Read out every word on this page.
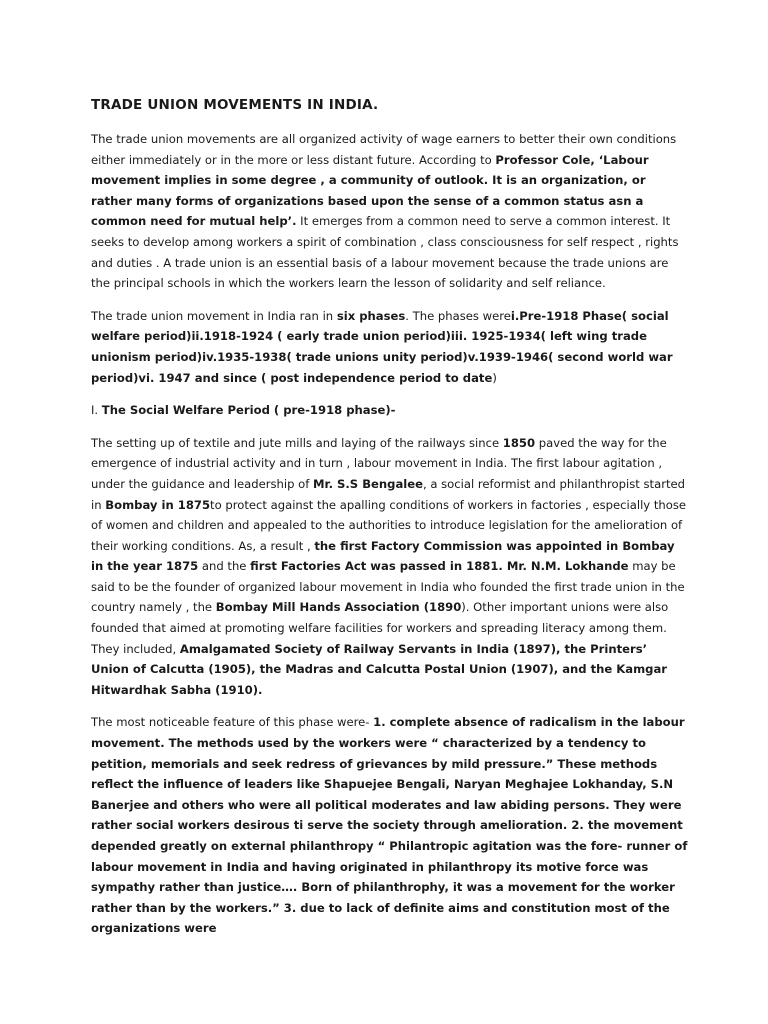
TRADE UNION MOVEMENTS IN INDIA.

The trade union movements are all organized activity of wage earners to better their own conditions either immediately or in the more or less distant future. According to Professor Cole, ‘Labour movement implies in some degree , a community of outlook. It is an organization, or rather many forms of organizations based upon the sense of a common status asn a common need for mutual help’. It emerges from a common need to serve a common interest. It seeks to develop among workers a spirit of combination , class consciousness for self respect , rights and duties . A trade union is an essential basis of a labour movement because the trade unions are the principal schools in which the workers learn the lesson of solidarity and self reliance.

The trade union movement in India ran in six phases. The phases werei.Pre-1918 Phase( social welfare period)ii.1918-1924 ( early trade union period)iii. 1925-1934( left wing trade unionism period)iv.1935-1938( trade unions unity period)v.1939-1946( second world war period)vi. 1947 and since ( post independence period to date)

I. The Social Welfare Period ( pre-1918 phase)-

The setting up of textile and jute mills and laying of the railways since 1850 paved the way for the emergence of industrial activity and in turn , labour movement in India. The first labour agitation , under the guidance and leadership of Mr. S.S Bengalee, a social reformist and philanthropist started in Bombay in 1875to protect against the apalling conditions of workers in factories , especially those of women and children and appealed to the authorities to introduce legislation for the amelioration of their working conditions. As, a result , the first Factory Commission was appointed in Bombay in the year 1875 and the first Factories Act was passed in 1881. Mr. N.M. Lokhande may be said to be the founder of organized labour movement in India who founded the first trade union in the country namely , the Bombay Mill Hands Association (1890). Other important unions were also founded that aimed at promoting welfare facilities for workers and spreading literacy among them. They included, Amalgamated Society of Railway Servants in India (1897), the Printers’ Union of Calcutta (1905), the Madras and Calcutta Postal Union (1907), and the Kamgar Hitwardhak Sabha (1910).

The most noticeable feature of this phase were- 1. complete absence of radicalism in the labour movement. The methods used by the workers were “ characterized by a tendency to petition, memorials and seek redress of grievances by mild pressure.” These methods reflect the influence of leaders like Shapuejee Bengali, Naryan Meghajee Lokhanday, S.N Banerjee and others who were all political moderates and law abiding persons. They were rather social workers desirous ti serve the society through amelioration. 2. the movement depended greatly on external philanthropy “ Philantropic agitation was the fore- runner of labour movement in India and having originated in philanthropy its motive force was sympathy rather than justice…. Born of philanthrophy, it was a movement for the worker rather than by the workers.” 3. due to lack of definite aims and constitution most of the organizations were
